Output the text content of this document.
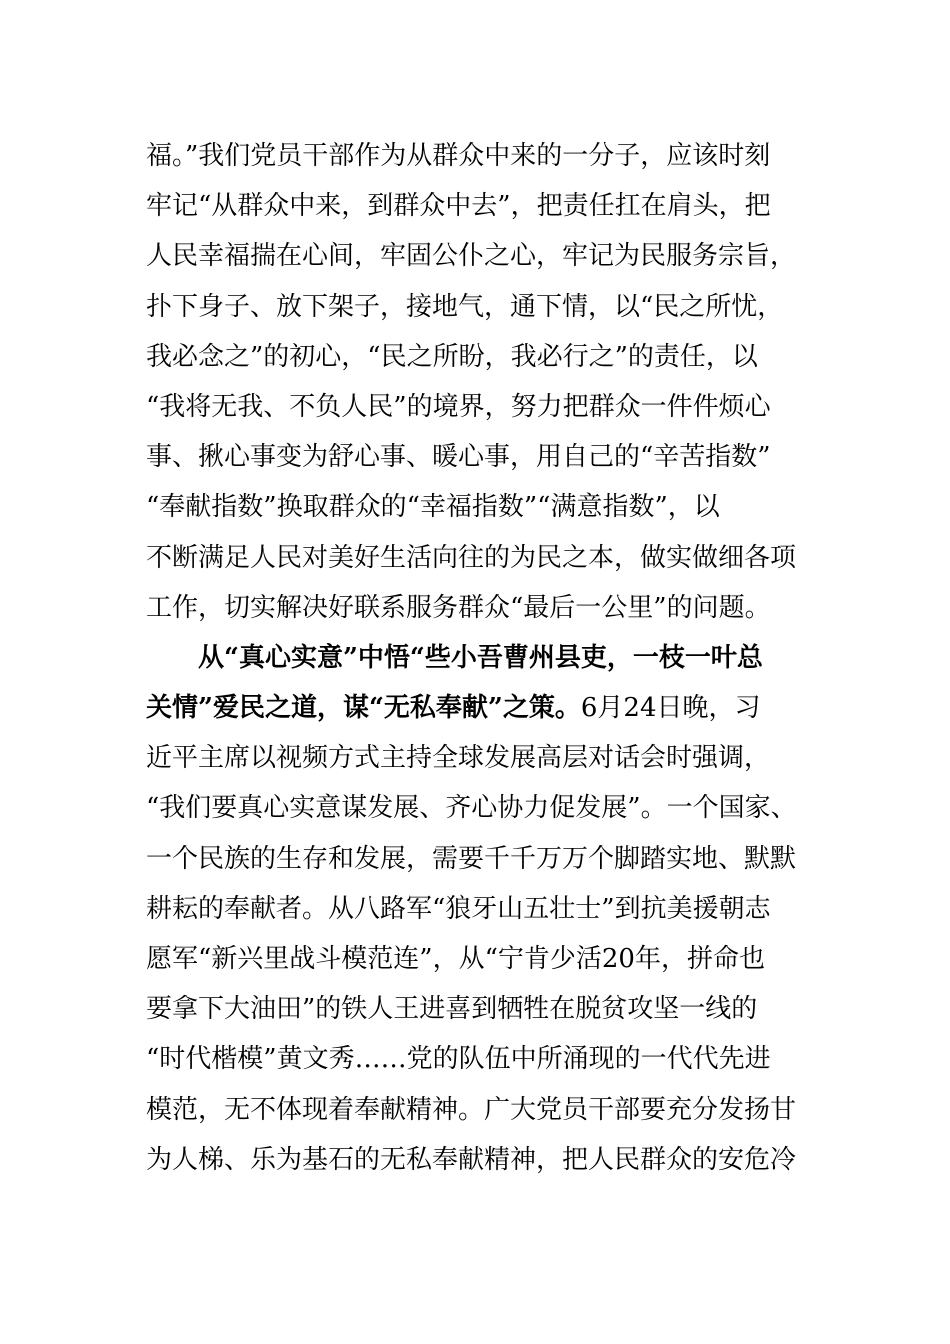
福。”我们党员干部作为从群众中来的一分子，应该时刻
牢记“从群众中来，到群众中去”，把责任扛在肩头，把
人民幸福揣在心间，牢固公仆之心，牢记为民服务宗旨，
扑下身子、放下架子，接地气，通下情，以“民之所忧，
我必念之”的初心，“民之所盼，我必行之”的责任，以
“我将无我、不负人民”的境界，努力把群众一件件烦心
事、揪心事变为舒心事、暖心事，用自己的“辛苦指数”
“奉献指数”换取群众的“幸福指数”“满意指数”，以
不断满足人民对美好生活向往的为民之本，做实做细各项
工作，切实解决好联系服务群众“最后一公里”的问题。
从“真心实意”中悟“些小吾曹州县吏，一枝一叶总
关情”爱民之道，谋“无私奉献”之策。6月24日晚，习
近平主席以视频方式主持全球发展高层对话会时强调，
“我们要真心实意谋发展、齐心协力促发展”。一个国家、
一个民族的生存和发展，需要千千万万个脚踏实地、默默
耕耘的奉献者。从八路军“狼牙山五壮士”到抗美援朝志
愿军“新兴里战斗模范连”，从“宁肯少活20年，拼命也
要拿下大油田”的铁人王进喜到牺牲在脱贫攻坚一线的
“时代楷模”黄文秀……党的队伍中所涌现的一代代先进
模范，无不体现着奉献精神。广大党员干部要充分发扬甘
为人梯、乐为基石的无私奉献精神，把人民群众的安危冷
